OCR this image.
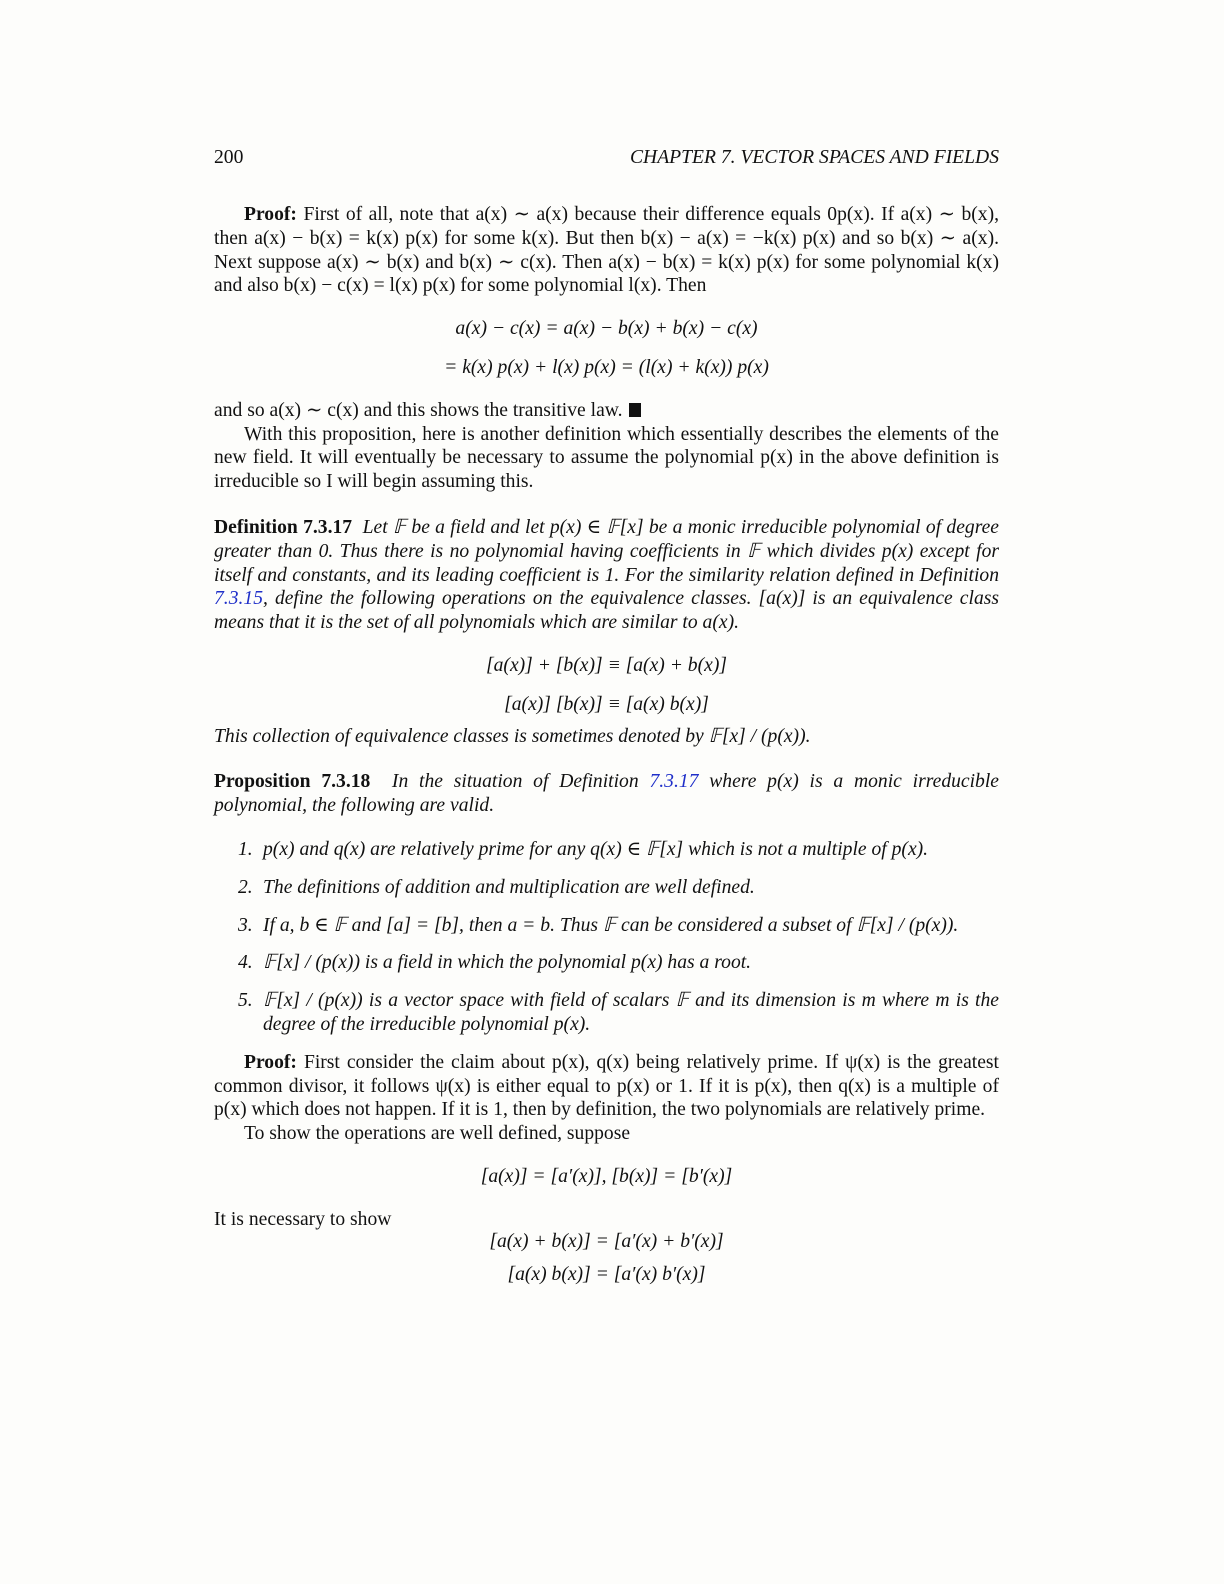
200	CHAPTER 7. VECTOR SPACES AND FIELDS

Proof: First of all, note that a(x) ∼ a(x) because their difference equals 0p(x). If a(x) ∼ b(x), then a(x) − b(x) = k(x) p(x) for some k(x). But then b(x) − a(x) = −k(x) p(x) and so b(x) ∼ a(x). Next suppose a(x) ∼ b(x) and b(x) ∼ c(x). Then a(x) − b(x) = k(x) p(x) for some polynomial k(x) and also b(x) − c(x) = l(x) p(x) for some polynomial l(x). Then

a(x) − c(x) = a(x) − b(x) + b(x) − c(x)
= k(x) p(x) + l(x) p(x) = (l(x) + k(x)) p(x)

and so a(x) ∼ c(x) and this shows the transitive law.

With this proposition, here is another definition which essentially describes the elements of the new field. It will eventually be necessary to assume the polynomial p(x) in the above definition is irreducible so I will begin assuming this.

Definition 7.3.17 Let 𝔽 be a field and let p(x) ∈ 𝔽[x] be a monic irreducible polynomial of degree greater than 0. Thus there is no polynomial having coefficients in 𝔽 which divides p(x) except for itself and constants, and its leading coefficient is 1. For the similarity relation defined in Definition 7.3.15, define the following operations on the equivalence classes. [a(x)] is an equivalence class means that it is the set of all polynomials which are similar to a(x).

[a(x)] + [b(x)] ≡ [a(x) + b(x)]
[a(x)] [b(x)] ≡ [a(x) b(x)]

This collection of equivalence classes is sometimes denoted by 𝔽[x] / (p(x)).

Proposition 7.3.18 In the situation of Definition 7.3.17 where p(x) is a monic irreducible polynomial, the following are valid.

1. p(x) and q(x) are relatively prime for any q(x) ∈ 𝔽[x] which is not a multiple of p(x).
2. The definitions of addition and multiplication are well defined.
3. If a, b ∈ 𝔽 and [a] = [b], then a = b. Thus 𝔽 can be considered a subset of 𝔽[x] / (p(x)).
4. 𝔽[x] / (p(x)) is a field in which the polynomial p(x) has a root.
5. 𝔽[x] / (p(x)) is a vector space with field of scalars 𝔽 and its dimension is m where m is the degree of the irreducible polynomial p(x).

Proof: First consider the claim about p(x), q(x) being relatively prime. If ψ(x) is the greatest common divisor, it follows ψ(x) is either equal to p(x) or 1. If it is p(x), then q(x) is a multiple of p(x) which does not happen. If it is 1, then by definition, the two polynomials are relatively prime.

To show the operations are well defined, suppose

[a(x)] = [a′(x)], [b(x)] = [b′(x)]

It is necessary to show

[a(x) + b(x)] = [a′(x) + b′(x)]
[a(x) b(x)] = [a′(x) b′(x)]
